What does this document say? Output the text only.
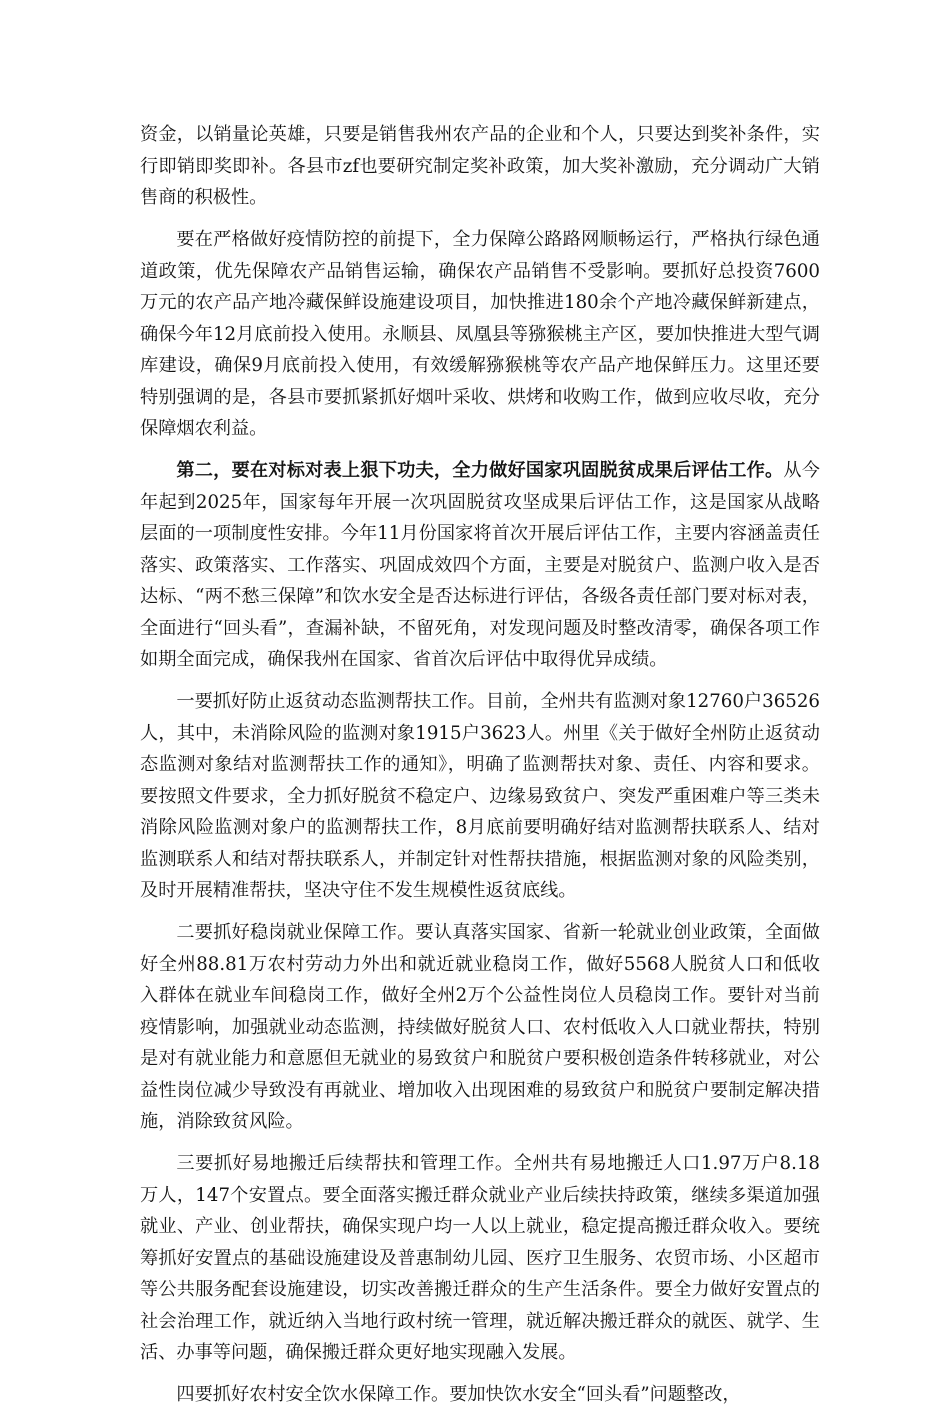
资金，以销量论英雄，只要是销售我州农产品的企业和个人，只要达到奖补条件，实行即销即奖即补。各县市zf也要研究制定奖补政策，加大奖补激励，充分调动广大销售商的积极性。

要在严格做好疫情防控的前提下，全力保障公路路网顺畅运行，严格执行绿色通道政策，优先保障农产品销售运输，确保农产品销售不受影响。要抓好总投资7600万元的农产品产地冷藏保鲜设施建设项目，加快推进180余个产地冷藏保鲜新建点，确保今年12月底前投入使用。永顺县、凤凰县等猕猴桃主产区，要加快推进大型气调库建设，确保9月底前投入使用，有效缓解猕猴桃等农产品产地保鲜压力。这里还要特别强调的是，各县市要抓紧抓好烟叶采收、烘烤和收购工作，做到应收尽收，充分保障烟农利益。

第二，要在对标对表上狠下功夫，全力做好国家巩固脱贫成果后评估工作。从今年起到2025年，国家每年开展一次巩固脱贫攻坚成果后评估工作，这是国家从战略层面的一项制度性安排。今年11月份国家将首次开展后评估工作，主要内容涵盖责任落实、政策落实、工作落实、巩固成效四个方面，主要是对脱贫户、监测户收入是否达标、“两不愁三保障”和饮水安全是否达标进行评估，各级各责任部门要对标对表，全面进行“回头看”，查漏补缺，不留死角，对发现问题及时整改清零，确保各项工作如期全面完成，确保我州在国家、省首次后评估中取得优异成绩。

一要抓好防止返贫动态监测帮扶工作。目前，全州共有监测对象12760户36526人，其中，未消除风险的监测对象1915户3623人。州里《关于做好全州防止返贫动态监测对象结对监测帮扶工作的通知》，明确了监测帮扶对象、责任、内容和要求。要按照文件要求，全力抓好脱贫不稳定户、边缘易致贫户、突发严重困难户等三类未消除风险监测对象户的监测帮扶工作，8月底前要明确好结对监测帮扶联系人、结对监测联系人和结对帮扶联系人，并制定针对性帮扶措施，根据监测对象的风险类别，及时开展精准帮扶，坚决守住不发生规模性返贫底线。

二要抓好稳岗就业保障工作。要认真落实国家、省新一轮就业创业政策，全面做好全州88.81万农村劳动力外出和就近就业稳岗工作，做好5568人脱贫人口和低收入群体在就业车间稳岗工作，做好全州2万个公益性岗位人员稳岗工作。要针对当前疫情影响，加强就业动态监测，持续做好脱贫人口、农村低收入人口就业帮扶，特别是对有就业能力和意愿但无就业的易致贫户和脱贫户要积极创造条件转移就业，对公益性岗位减少导致没有再就业、增加收入出现困难的易致贫户和脱贫户要制定解决措施，消除致贫风险。

三要抓好易地搬迁后续帮扶和管理工作。全州共有易地搬迁人口1.97万户8.18万人，147个安置点。要全面落实搬迁群众就业产业后续扶持政策，继续多渠道加强就业、产业、创业帮扶，确保实现户均一人以上就业，稳定提高搬迁群众收入。要统筹抓好安置点的基础设施建设及普惠制幼儿园、医疗卫生服务、农贸市场、小区超市等公共服务配套设施建设，切实改善搬迁群众的生产生活条件。要全力做好安置点的社会治理工作，就近纳入当地行政村统一管理，就近解决搬迁群众的就医、就学、生活、办事等问题，确保搬迁群众更好地实现融入发展。

四要抓好农村安全饮水保障工作。要加快饮水安全“回头看”问题整改，
